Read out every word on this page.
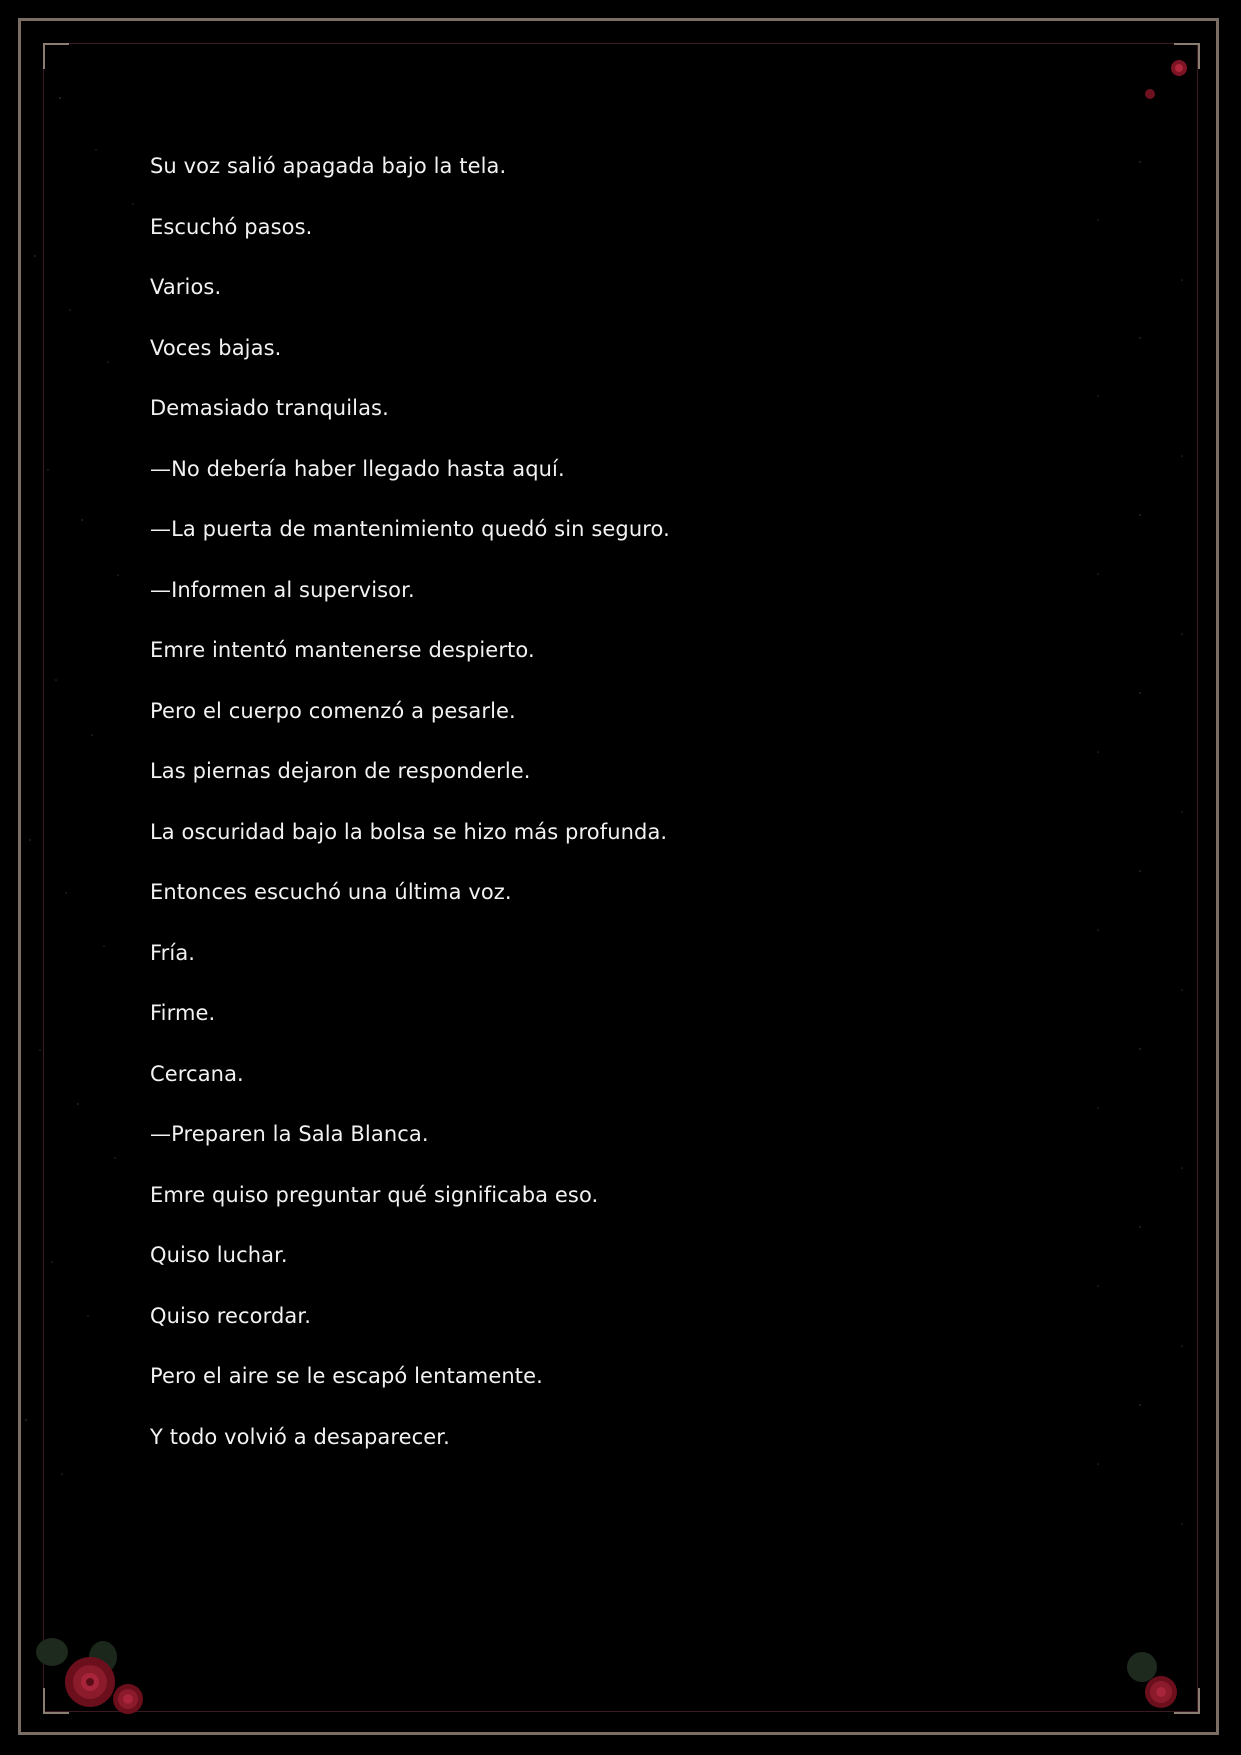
Su voz salió apagada bajo la tela.

Escuchó pasos.

Varios.

Voces bajas.

Demasiado tranquilas.

—No debería haber llegado hasta aquí.

—La puerta de mantenimiento quedó sin seguro.

—Informen al supervisor.

Emre intentó mantenerse despierto.

Pero el cuerpo comenzó a pesarle.

Las piernas dejaron de responderle.

La oscuridad bajo la bolsa se hizo más profunda.

Entonces escuchó una última voz.

Fría.

Firme.

Cercana.

—Preparen la Sala Blanca.

Emre quiso preguntar qué significaba eso.

Quiso luchar.

Quiso recordar.

Pero el aire se le escapó lentamente.

Y todo volvió a desaparecer.
